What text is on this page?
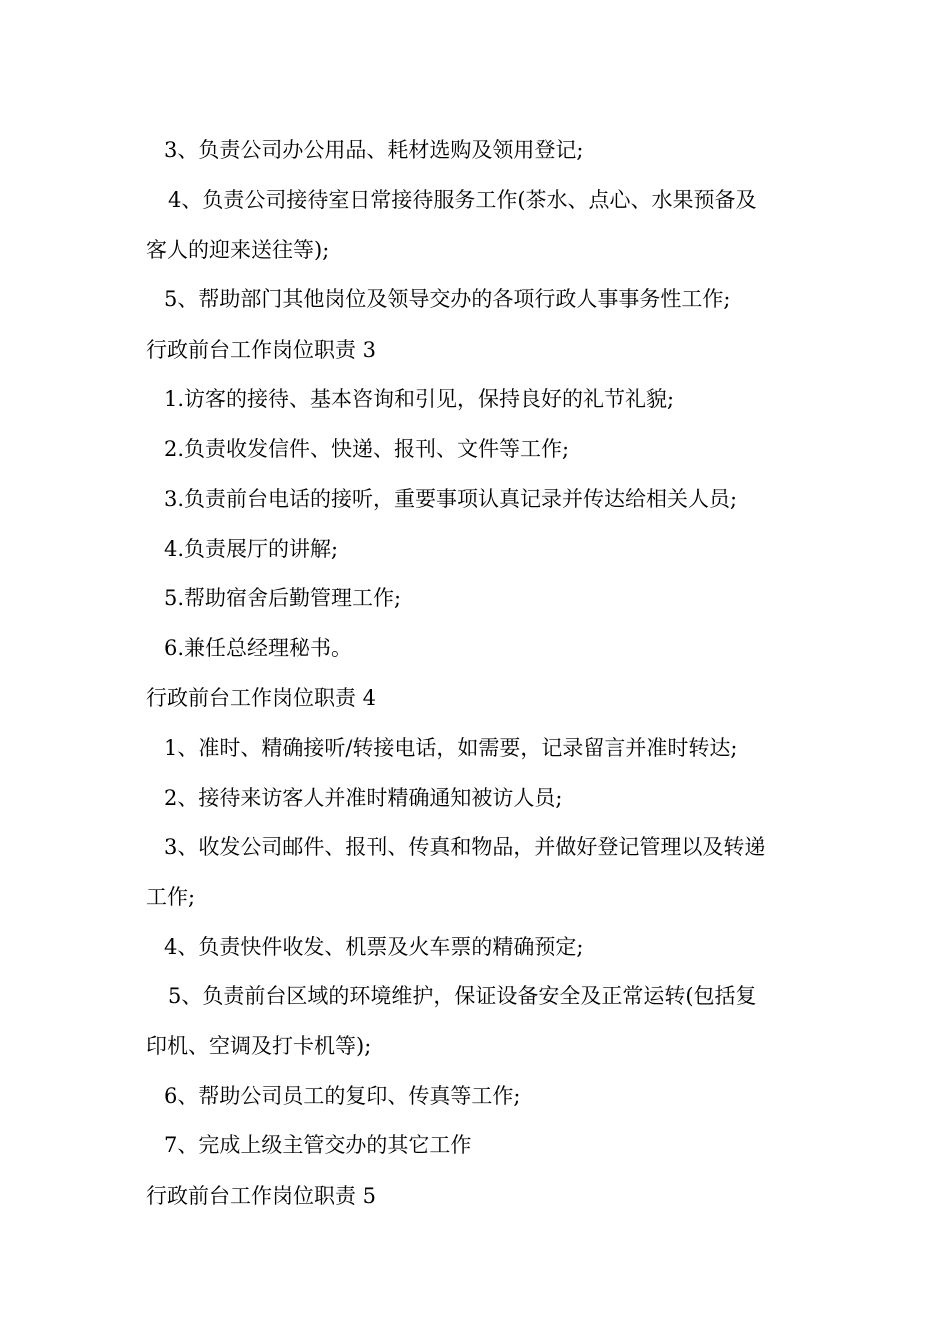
3、负责公司办公用品、耗材选购及领用登记;
4、负责公司接待室日常接待服务工作(茶水、点心、水果预备及
客人的迎来送往等);
5、帮助部门其他岗位及领导交办的各项行政人事事务性工作;
行政前台工作岗位职责 3
1.访客的接待、基本咨询和引见，保持良好的礼节礼貌;
2.负责收发信件、快递、报刊、文件等工作;
3.负责前台电话的接听，重要事项认真记录并传达给相关人员;
4.负责展厅的讲解;
5.帮助宿舍后勤管理工作;
6.兼任总经理秘书。
行政前台工作岗位职责 4
1、准时、精确接听/转接电话，如需要，记录留言并准时转达;
2、接待来访客人并准时精确通知被访人员;
3、收发公司邮件、报刊、传真和物品，并做好登记管理以及转递
工作;
4、负责快件收发、机票及火车票的精确预定;
5、负责前台区域的环境维护，保证设备安全及正常运转(包括复
印机、空调及打卡机等);
6、帮助公司员工的复印、传真等工作;
7、完成上级主管交办的其它工作
行政前台工作岗位职责 5
